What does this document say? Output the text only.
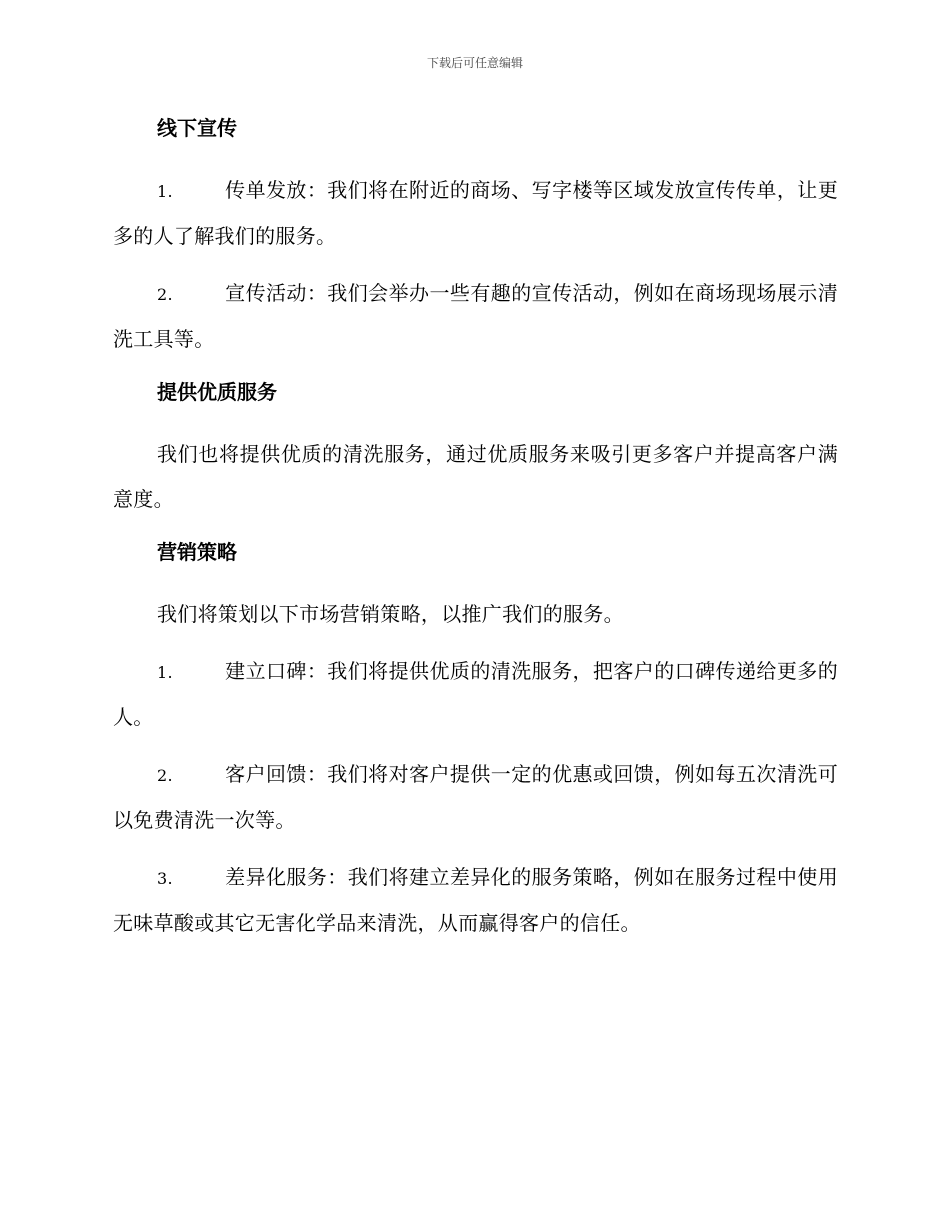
下载后可任意编辑
线下宣传
1.	传单发放：我们将在附近的商场、写字楼等区域发放宣传传单，让更多的人了解我们的服务。
2.	宣传活动：我们会举办一些有趣的宣传活动，例如在商场现场展示清洗工具等。
提供优质服务
我们也将提供优质的清洗服务，通过优质服务来吸引更多客户并提高客户满意度。
营销策略
我们将策划以下市场营销策略，以推广我们的服务。
1.	建立口碑：我们将提供优质的清洗服务，把客户的口碑传递给更多的人。
2.	客户回馈：我们将对客户提供一定的优惠或回馈，例如每五次清洗可以免费清洗一次等。
3.	差异化服务：我们将建立差异化的服务策略，例如在服务过程中使用无味草酸或其它无害化学品来清洗，从而赢得客户的信任。
